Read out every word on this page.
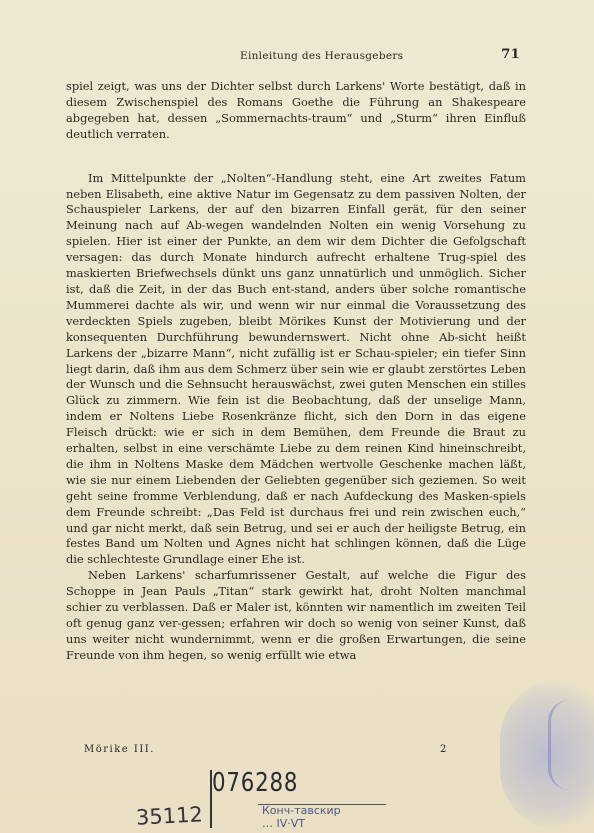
Einleitung des Herausgebers	71

spiel zeigt, was uns der Dichter selbst durch Larkens' Worte bestätigt, daß in diesem Zwischenspiel des Romans Goethe die Führung an Shakespeare abgegeben hat, dessen „Sommernachts-traum“ und „Sturm“ ihren Einfluß deutlich verraten.

Im Mittelpunkte der „Nolten“-Handlung steht, eine Art zweites Fatum neben Elisabeth, eine aktive Natur im Gegensatz zu dem passiven Nolten, der Schauspieler Larkens, der auf den bizarren Einfall gerät, für den seiner Meinung nach auf Ab-wegen wandelnden Nolten ein wenig Vorsehung zu spielen. Hier ist einer der Punkte, an dem wir dem Dichter die Gefolgschaft versagen: das durch Monate hindurch aufrecht erhaltene Trug-spiel des maskierten Briefwechsels dünkt uns ganz unnatürlich und unmöglich. Sicher ist, daß die Zeit, in der das Buch ent-stand, anders über solche romantische Mummerei dachte als wir, und wenn wir nur einmal die Voraussetzung des verdeckten Spiels zugeben, bleibt Mörikes Kunst der Motivierung und der konsequenten Durchführung bewundernswert. Nicht ohne Ab-sicht heißt Larkens der „bizarre Mann“, nicht zufällig ist er Schau-spieler; ein tiefer Sinn liegt darin, daß ihm aus dem Schmerz über sein wie er glaubt zerstörtes Leben der Wunsch und die Sehnsucht herauswächst, zwei guten Menschen ein stilles Glück zu zimmern. Wie fein ist die Beobachtung, daß der unselige Mann, indem er Noltens Liebe Rosenkränze flicht, sich den Dorn in das eigene Fleisch drückt: wie er sich in dem Bemühen, dem Freunde die Braut zu erhalten, selbst in eine verschämte Liebe zu dem reinen Kind hineinschreibt, die ihm in Noltens Maske dem Mädchen wertvolle Geschenke machen läßt, wie sie nur einem Liebenden der Geliebten gegenüber sich geziemen. So weit geht seine fromme Verblendung, daß er nach Aufdeckung des Masken-spiels dem Freunde schreibt: „Das Feld ist durchaus frei und rein zwischen euch,“ und gar nicht merkt, daß sein Betrug, und sei er auch der heiligste Betrug, ein festes Band um Nolten und Agnes nicht hat schlingen können, daß die Lüge die schlechteste Grundlage einer Ehe ist.

Neben Larkens' scharfumrissener Gestalt, auf welche die Figur des Schoppe in Jean Pauls „Titan“ stark gewirkt hat, droht Nolten manchmal schier zu verblassen. Daß er Maler ist, könnten wir namentlich im zweiten Teil oft genug ganz ver-gessen; erfahren wir doch so wenig von seiner Kunst, daß uns weiter nicht wundernimmt, wenn er die großen Erwartungen, die seine Freunde von ihm hegen, so wenig erfüllt wie etwa

Mörike III.	2
076288
35112	Конч-тавскир
… IV·VT
